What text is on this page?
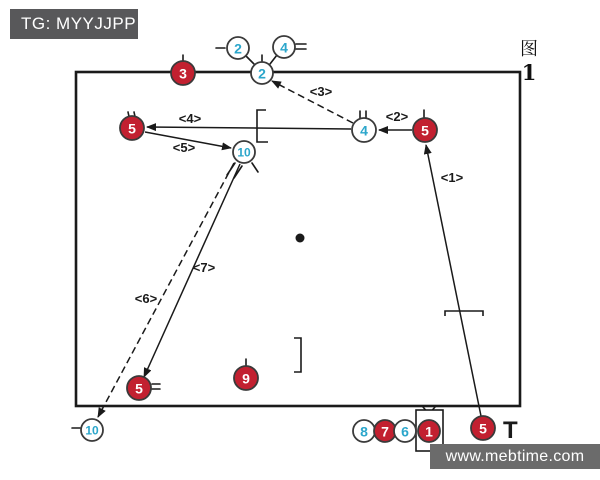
<1>
<2>
<3>
<4>
<5>
<6>
<7>
3
2	4
2
5	4	5
10
5
9
10	8 7 6 1	5 T
TG: MYYJJPP
图
1
www.mebtime.com
